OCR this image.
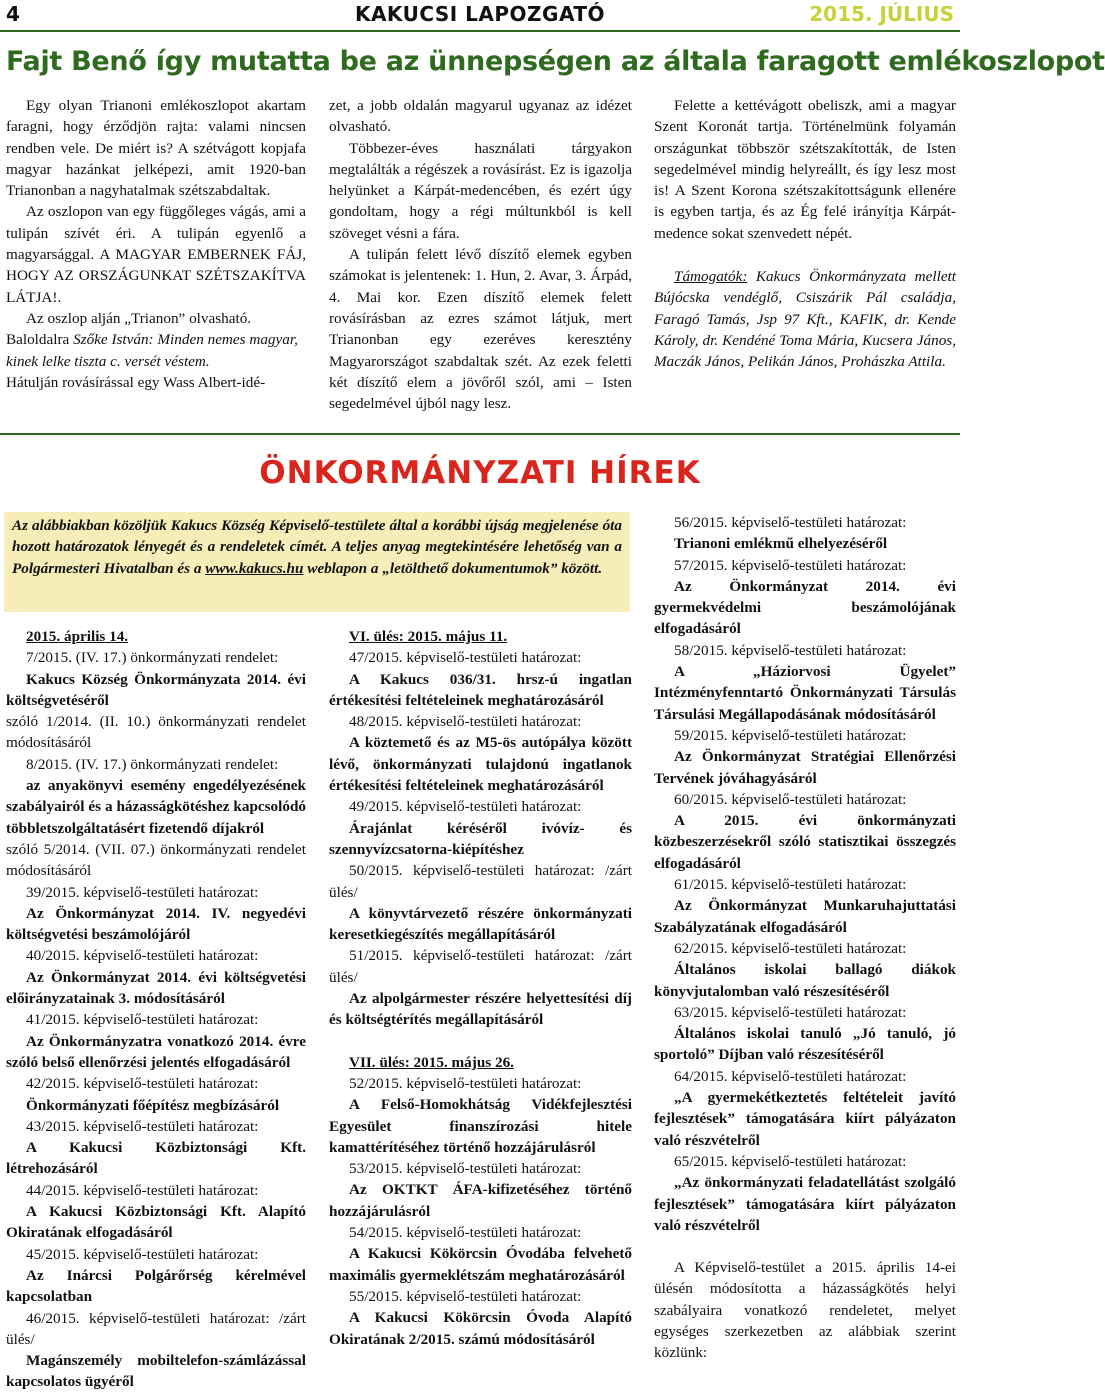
4	KAKUCSI LAPOZGATÓ	2015. JÚLIUS
Fajt Benő így mutatta be az ünnepségen az általa faragott emlékoszlopot

Egy olyan Trianoni emlékoszlopot akartam faragni, hogy érződjön rajta: valami nincsen rendben vele. De miért is? A szétvágott kopjafa magyar hazánkat jelképezi, amit 1920-ban Trianonban a nagyhatalmak szétszabdaltak.

Az oszlopon van egy függőleges vágás, ami a tulipán szívét éri. A tulipán egyenlő a magyarsággal. A MAGYAR EMBERNEK FÁJ, HOGY AZ ORSZÁGUNKAT SZÉTSZAKÍTVA LÁTJA!.

Az oszlop alján „Trianon” olvasható.

Baloldalra Szőke István: Minden nemes magyar, kinek lelke tiszta c. versét véstem.

Hátulján rovásírással egy Wass Albert-idé-

zet, a jobb oldalán magyarul ugyanaz az idézet olvasható.

Többezer-éves használati tárgyakon megtalálták a régészek a rovásírást. Ez is igazolja helyünket a Kárpát-medencében, és ezért úgy gondoltam, hogy a régi múltunkból is kell szöveget vésni a fára.

A tulipán felett lévő díszítő elemek egyben számokat is jelentenek: 1. Hun, 2. Avar, 3. Árpád, 4. Mai kor. Ezen díszítő elemek felett rovásírásban az ezres számot látjuk, mert Trianonban egy ezeréves keresztény Magyarországot szabdaltak szét. Az ezek feletti két díszítő elem a jövőről szól, ami – Isten segedelmével újból nagy lesz.

Felette a kettévágott obeliszk, ami a magyar Szent Koronát tartja. Történelmünk folyamán országunkat többször szétszakították, de Isten segedelmével mindig helyreállt, és így lesz most is! A Szent Korona szétszakítottságunk ellenére is egyben tartja, és az Ég felé irányítja Kárpát-medence sokat szenvedett népét.

Támogatók: Kakucs Önkormányzata mellett Bújócska vendéglő, Csiszárik Pál családja, Faragó Tamás, Jsp 97 Kft., KAFIK, dr. Kende Károly, dr. Kendéné Toma Mária, Kucsera János, Maczák János, Pelikán János, Prohászka Attila.

ÖNKORMÁNYZATI HÍREK
Az alábbiakban közöljük Kakucs Község Képviselő-testülete által a korábbi újság megjelenése óta hozott határozatok lényegét és a rendeletek címét. A teljes anyag megtekintésére lehetőség van a Polgármesteri Hivatalban és a www.kakucs.hu weblapon a „letölthető dokumentumok” között.

2015. április 14.

7/2015. (IV. 17.) önkormányzati rendelet:

Kakucs Község Önkormányzata 2014. évi költségvetéséről

szóló 1/2014. (II. 10.) önkormányzati rendelet módosításáról

8/2015. (IV. 17.) önkormányzati rendelet:

az anyakönyvi esemény engedélyezésének szabályairól és a házasságkötéshez kapcsolódó többletszolgáltatásért fizetendő díjakról

szóló 5/2014. (VII. 07.) önkormányzati rendelet módosításáról

39/2015. képviselő-testületi határozat:

Az Önkormányzat 2014. IV. negyedévi költségvetési beszámolójáról

40/2015. képviselő-testületi határozat:

Az Önkormányzat 2014. évi költségvetési előirányzatainak 3. módosításáról

41/2015. képviselő-testületi határozat:

Az Önkormányzatra vonatkozó 2014. évre szóló belső ellenőrzési jelentés elfogadásáról

42/2015. képviselő-testületi határozat:

Önkormányzati főépítész megbízásáról

43/2015. képviselő-testületi határozat:

A Kakucsi Közbiztonsági Kft. létrehozásáról

44/2015. képviselő-testületi határozat:

A Kakucsi Közbiztonsági Kft. Alapító Okiratának elfogadásáról

45/2015. képviselő-testületi határozat:

Az Inárcsi Polgárőrség kérelmével kapcsolatban

46/2015. képviselő-testületi határozat: /zárt ülés/

Magánszemély mobiltelefon-számlázással kapcsolatos ügyéről

VI. ülés: 2015. május 11.

47/2015. képviselő-testületi határozat:

A Kakucs 036/31. hrsz-ú ingatlan értékesítési feltételeinek meghatározásáról

48/2015. képviselő-testületi határozat:

A köztemető és az M5-ös autópálya között lévő, önkormányzati tulajdonú ingatlanok értékesítési feltételeinek meghatározásáról

49/2015. képviselő-testületi határozat:

Árajánlat kéréséről ivóvíz- és szennyvízcsatorna-kiépítéshez

50/2015. képviselő-testületi határozat: /zárt ülés/

A könyvtárvezető részére önkormányzati keresetkiegészítés megállapításáról

51/2015. képviselő-testületi határozat: /zárt ülés/

Az alpolgármester részére helyettesítési díj és költségtérítés megállapításáról

VII. ülés: 2015. május 26.

52/2015. képviselő-testületi határozat:

A Felső-Homokhátság Vidékfejlesztési Egyesület finanszírozási hitele kamattérítéséhez történő hozzájárulásról

53/2015. képviselő-testületi határozat:

Az OKTKT ÁFA-kifizetéséhez történő hozzájárulásról

54/2015. képviselő-testületi határozat:

A Kakucsi Kökörcsin Óvodába felvehető maximális gyermeklétszám meghatározásáról

55/2015. képviselő-testületi határozat:

A Kakucsi Kökörcsin Óvoda Alapító Okiratának 2/2015. számú módosításáról

56/2015. képviselő-testületi határozat:

Trianoni emlékmű elhelyezéséről

57/2015. képviselő-testületi határozat:

Az Önkormányzat 2014. évi gyermekvédelmi beszámolójának elfogadásáról

58/2015. képviselő-testületi határozat:

A „Háziorvosi Ügyelet” Intézményfenntartó Önkormányzati Társulás Társulási Megállapodásának módosításáról

59/2015. képviselő-testületi határozat:

Az Önkormányzat Stratégiai Ellenőrzési Tervének jóváhagyásáról

60/2015. képviselő-testületi határozat:

A 2015. évi önkormányzati közbeszerzésekről szóló statisztikai összegzés elfogadásáról

61/2015. képviselő-testületi határozat:

Az Önkormányzat Munkaruhajuttatási Szabályzatának elfogadásáról

62/2015. képviselő-testületi határozat:

Általános iskolai ballagó diákok könyvjutalomban való részesítéséről

63/2015. képviselő-testületi határozat:

Általános iskolai tanuló „Jó tanuló, jó sportoló” Díjban való részesítéséről

64/2015. képviselő-testületi határozat:

„A gyermekétkeztetés feltételeit javító fejlesztések” támogatására kiírt pályázaton való részvételről

65/2015. képviselő-testületi határozat:

„Az önkormányzati feladatellátást szolgáló fejlesztések” támogatására kiírt pályázaton való részvételről

A Képviselő-testület a 2015. április 14-ei ülésén módosította a házasságkötés helyi szabályaira vonatkozó rendeletet, melyet egységes szerkezetben az alábbiak szerint közlünk:
